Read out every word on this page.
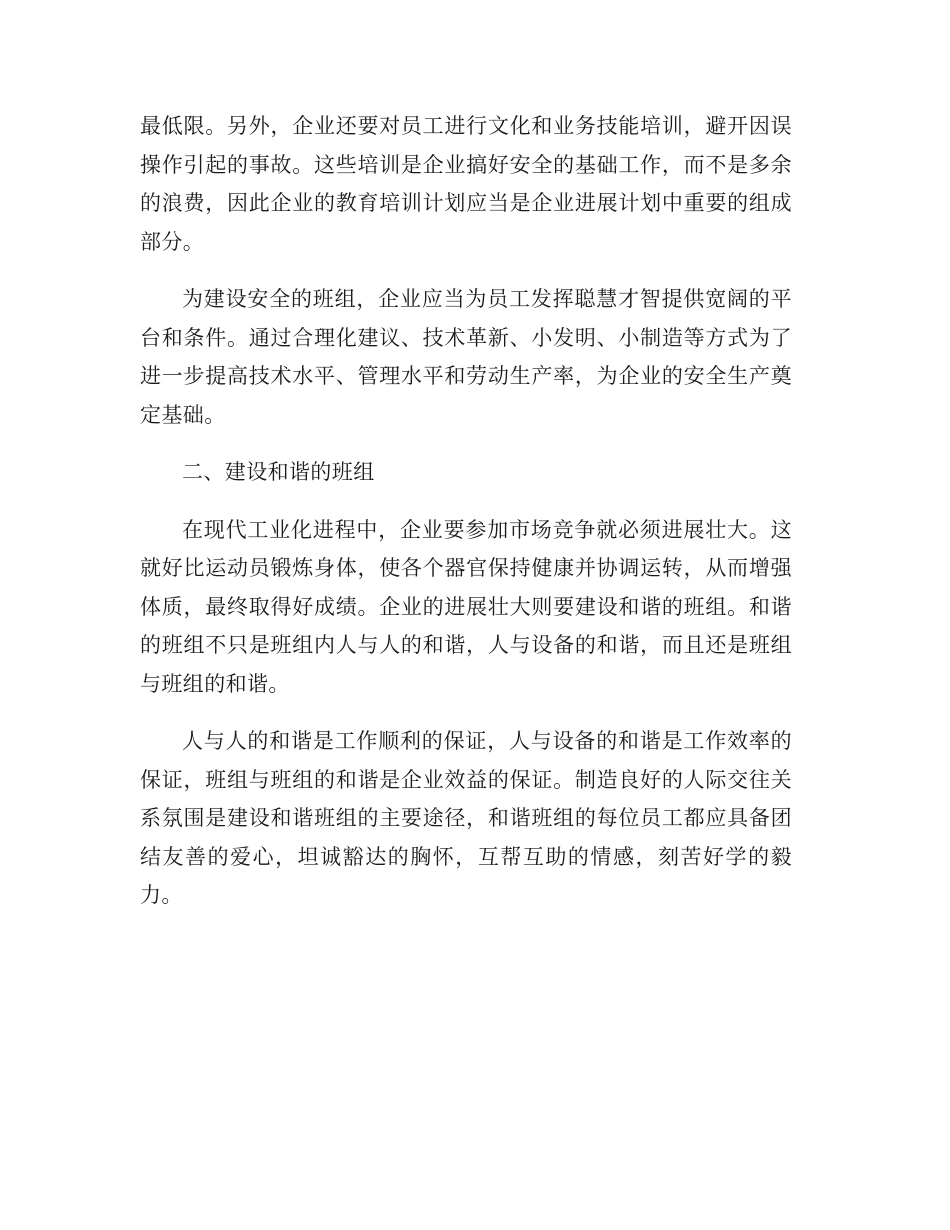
最低限。另外，企业还要对员工进行文化和业务技能培训，避开因误操作引起的事故。这些培训是企业搞好安全的基础工作，而不是多余的浪费，因此企业的教育培训计划应当是企业进展计划中重要的组成部分。

为建设安全的班组，企业应当为员工发挥聪慧才智提供宽阔的平台和条件。通过合理化建议、技术革新、小发明、小制造等方式为了进一步提高技术水平、管理水平和劳动生产率，为企业的安全生产奠定基础。

二、建设和谐的班组

在现代工业化进程中，企业要参加市场竞争就必须进展壮大。这就好比运动员锻炼身体，使各个器官保持健康并协调运转，从而增强体质，最终取得好成绩。企业的进展壮大则要建设和谐的班组。和谐的班组不只是班组内人与人的和谐，人与设备的和谐，而且还是班组与班组的和谐。

人与人的和谐是工作顺利的保证，人与设备的和谐是工作效率的保证，班组与班组的和谐是企业效益的保证。制造良好的人际交往关系氛围是建设和谐班组的主要途径，和谐班组的每位员工都应具备团结友善的爱心，坦诚豁达的胸怀，互帮互助的情感，刻苦好学的毅力。
